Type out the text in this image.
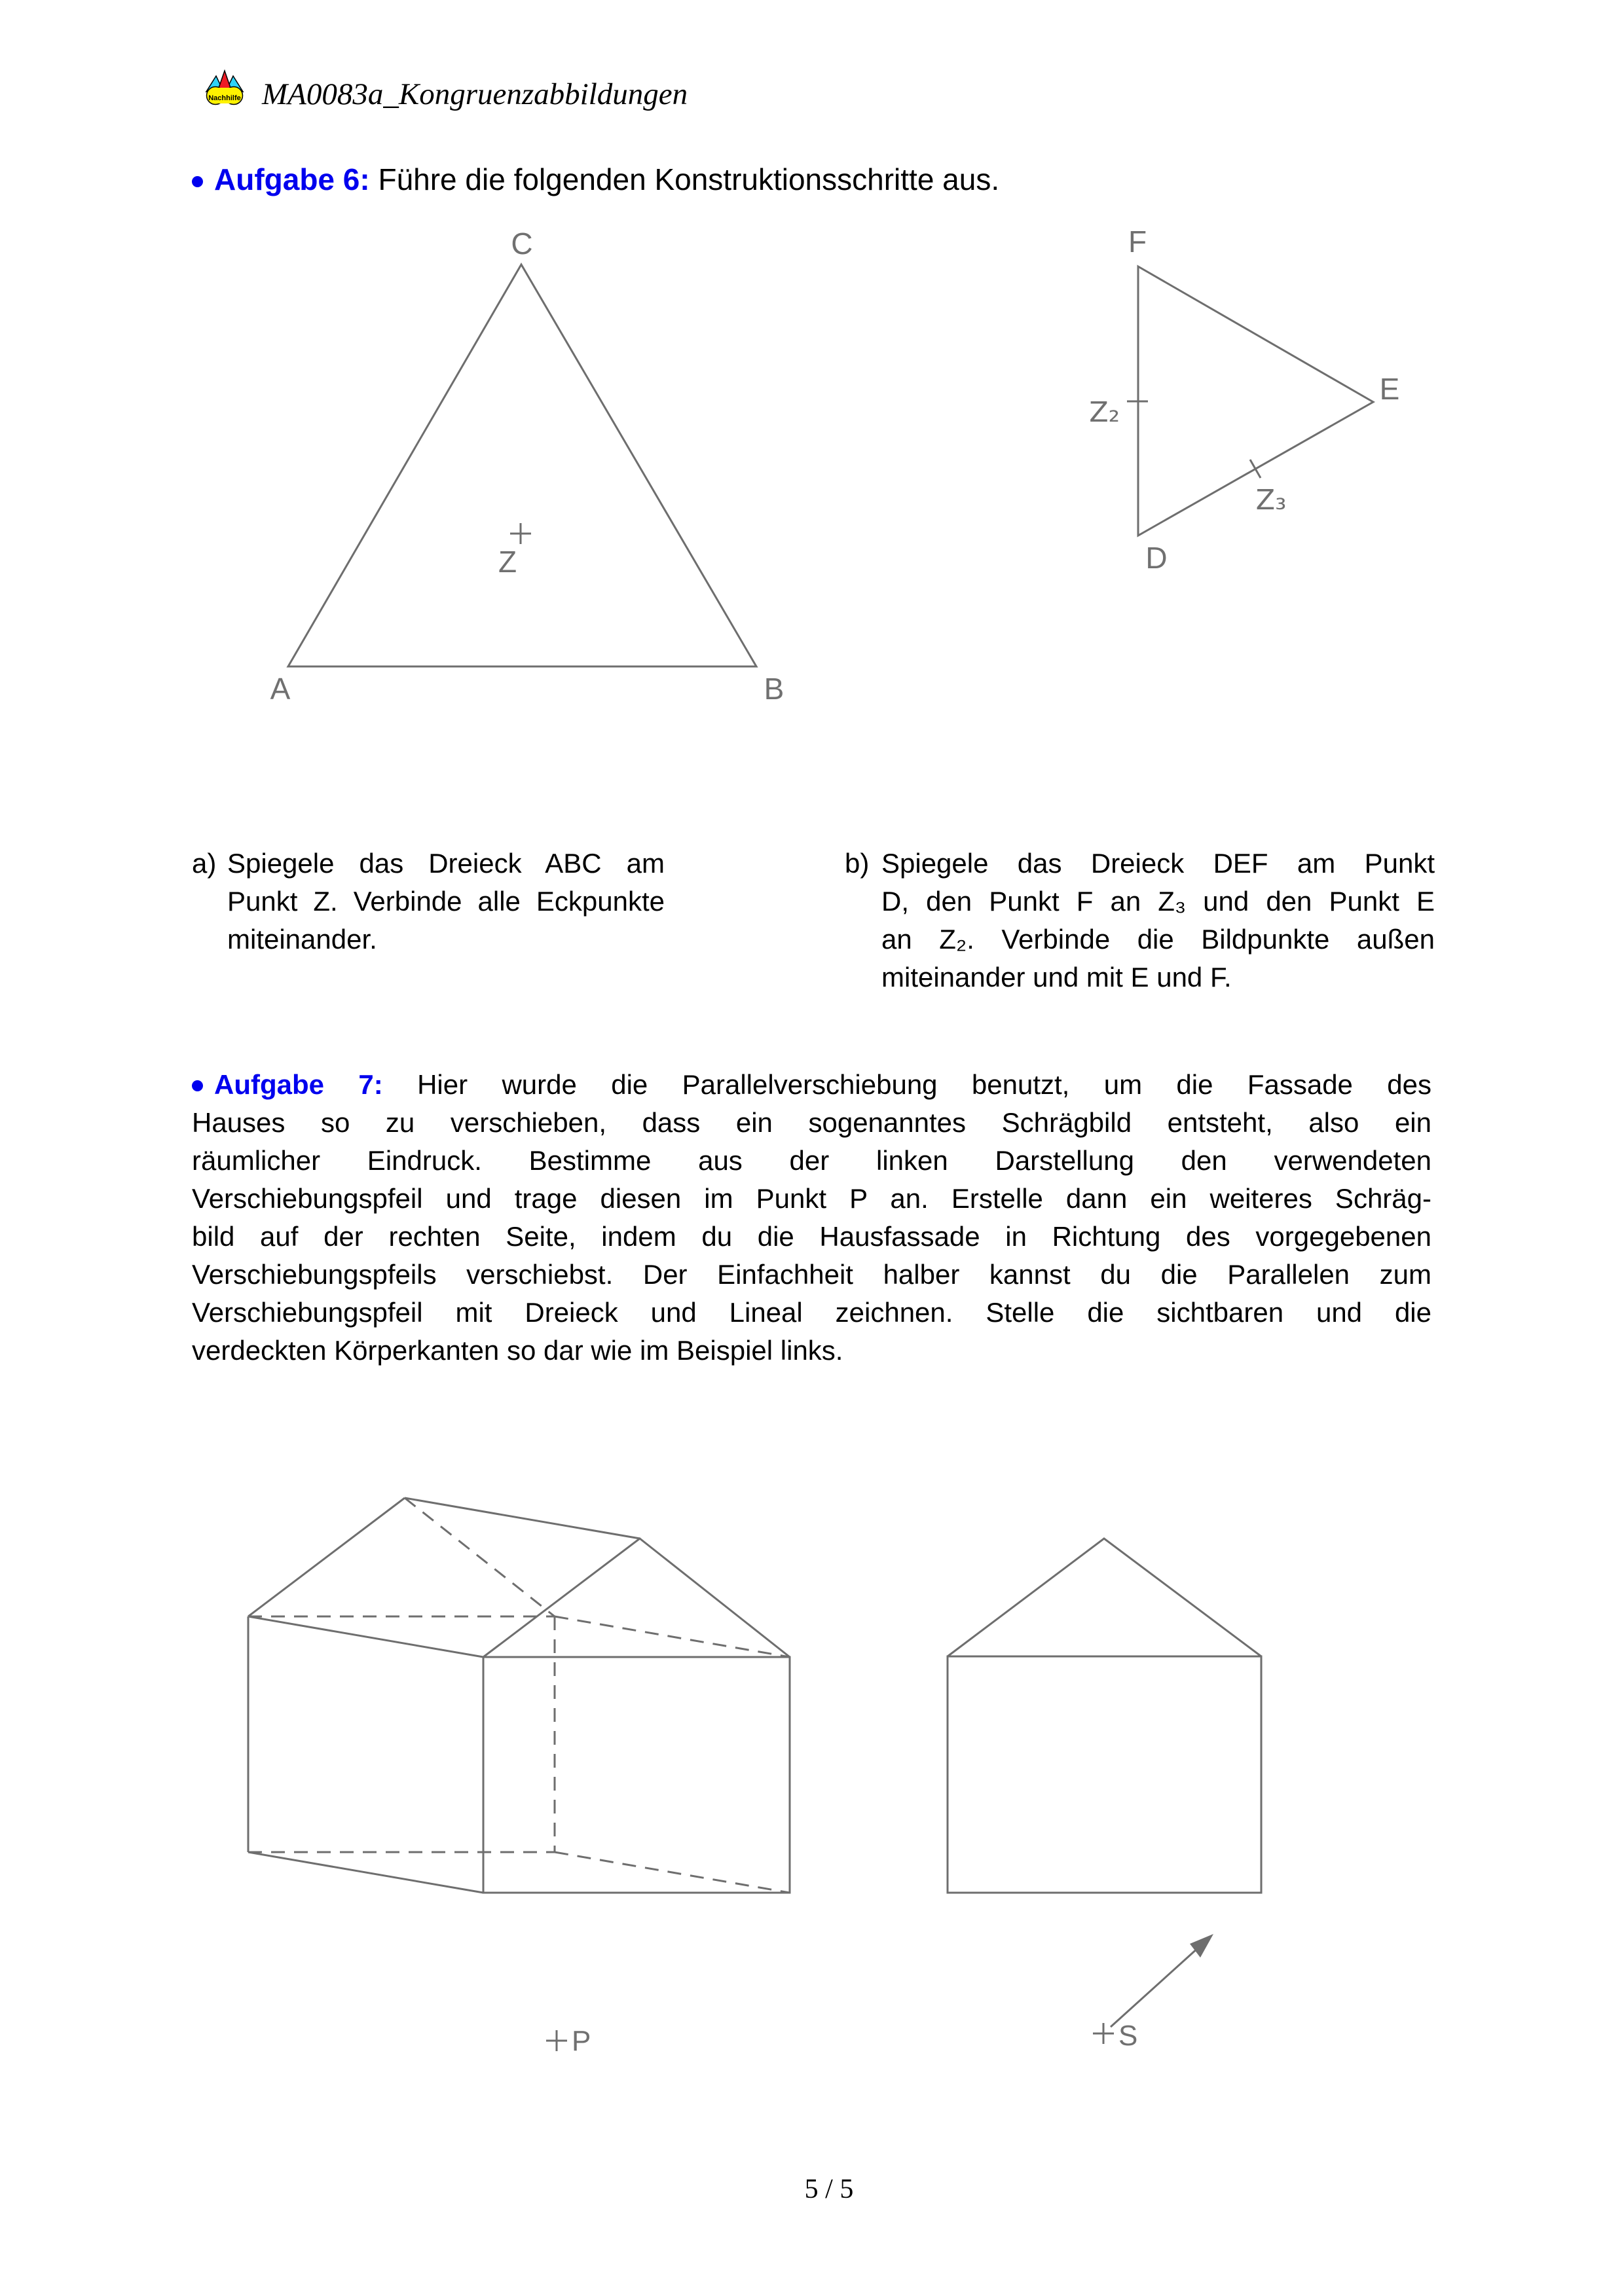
Nachhilfe MA0083a_Kongruenzabbildungen
Aufgabe 6: Führe die folgenden Konstruktionsschritte aus.
A	B
C
Z
F
E
D
Z₂
Z₃
P	S
a) Spiegele das Dreieck ABC am
Punkt Z. Verbinde alle Eckpunkte
miteinander.
b) Spiegele das Dreieck DEF am Punkt
D, den Punkt F an Z₃ und den Punkt E
an Z₂. Verbinde die Bildpunkte außen
miteinander und mit E und F.
Aufgabe 7: Hier wurde die Parallelverschiebung benutzt, um die Fassade des
Hauses so zu verschieben, dass ein sogenanntes Schrägbild entsteht, also ein
räumlicher Eindruck. Bestimme aus der linken Darstellung den verwendeten
Verschiebungspfeil und trage diesen im Punkt P an. Erstelle dann ein weiteres Schräg-
bild auf der rechten Seite, indem du die Hausfassade in Richtung des vorgegebenen
Verschiebungspfeils verschiebst. Der Einfachheit halber kannst du die Parallelen zum
Verschiebungspfeil mit Dreieck und Lineal zeichnen. Stelle die sichtbaren und die
verdeckten Körperkanten so dar wie im Beispiel links.
5 / 5
